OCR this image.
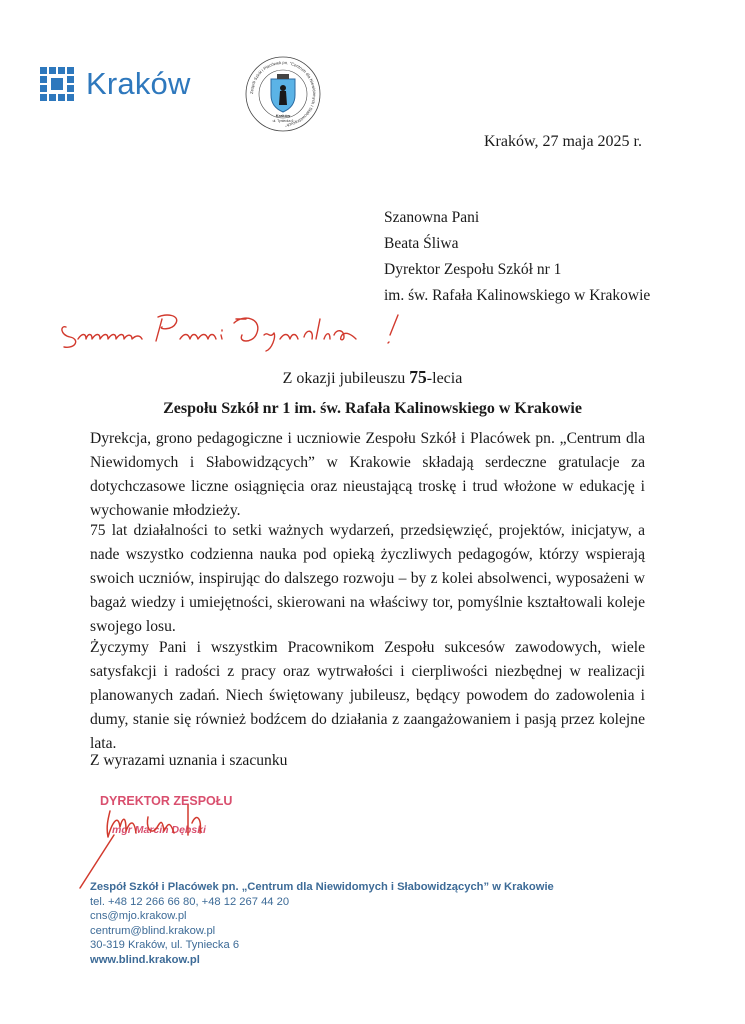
Kraków	Zespół Szkół i Placówek pn. "Centrum dla Niewidomych i Słabowidzących"
Kraków
ul. Tyniecka 6
Kraków, 27 maja 2025 r.
Szanowna Pani
Beata Śliwa
Dyrektor Zespołu Szkół nr 1
im. św. Rafała Kalinowskiego w Krakowie
Z okazji jubileuszu 75-lecia
Zespołu Szkół nr 1 im. św. Rafała Kalinowskiego w Krakowie
Dyrekcja, grono pedagogiczne i uczniowie Zespołu Szkół i Placówek pn. „Centrum dla Niewidomych i Słabowidzących” w Krakowie składają serdeczne gratulacje za dotychczasowe liczne osiągnięcia oraz nieustającą troskę i trud włożone w edukację i wychowanie młodzieży.
75 lat działalności to setki ważnych wydarzeń, przedsięwzięć, projektów, inicjatyw, a nade wszystko codzienna nauka pod opieką życzliwych pedagogów, którzy wspierają swoich uczniów, inspirując do dalszego rozwoju – by z kolei absolwenci, wyposażeni w bagaż wiedzy i umiejętności, skierowani na właściwy tor, pomyślnie kształtowali koleje swojego losu.
Życzymy Pani i wszystkim Pracownikom Zespołu sukcesów zawodowych, wiele satysfakcji i radości z pracy oraz wytrwałości i cierpliwości niezbędnej w realizacji planowanych zadań. Niech świętowany jubileusz, będący powodem do zadowolenia i dumy, stanie się również bodźcem do działania z zaangażowaniem i pasją przez kolejne lata.
Z wyrazami uznania i szacunku
DYREKTOR ZESPOŁU
mgr Marcin Dębski
Zespół Szkół i Placówek pn. „Centrum dla Niewidomych i Słabowidzących” w Krakowie
tel. +48 12 266 66 80, +48 12 267 44 20
cns@mjo.krakow.pl
centrum@blind.krakow.pl
30-319 Kraków, ul. Tyniecka 6
www.blind.krakow.pl
